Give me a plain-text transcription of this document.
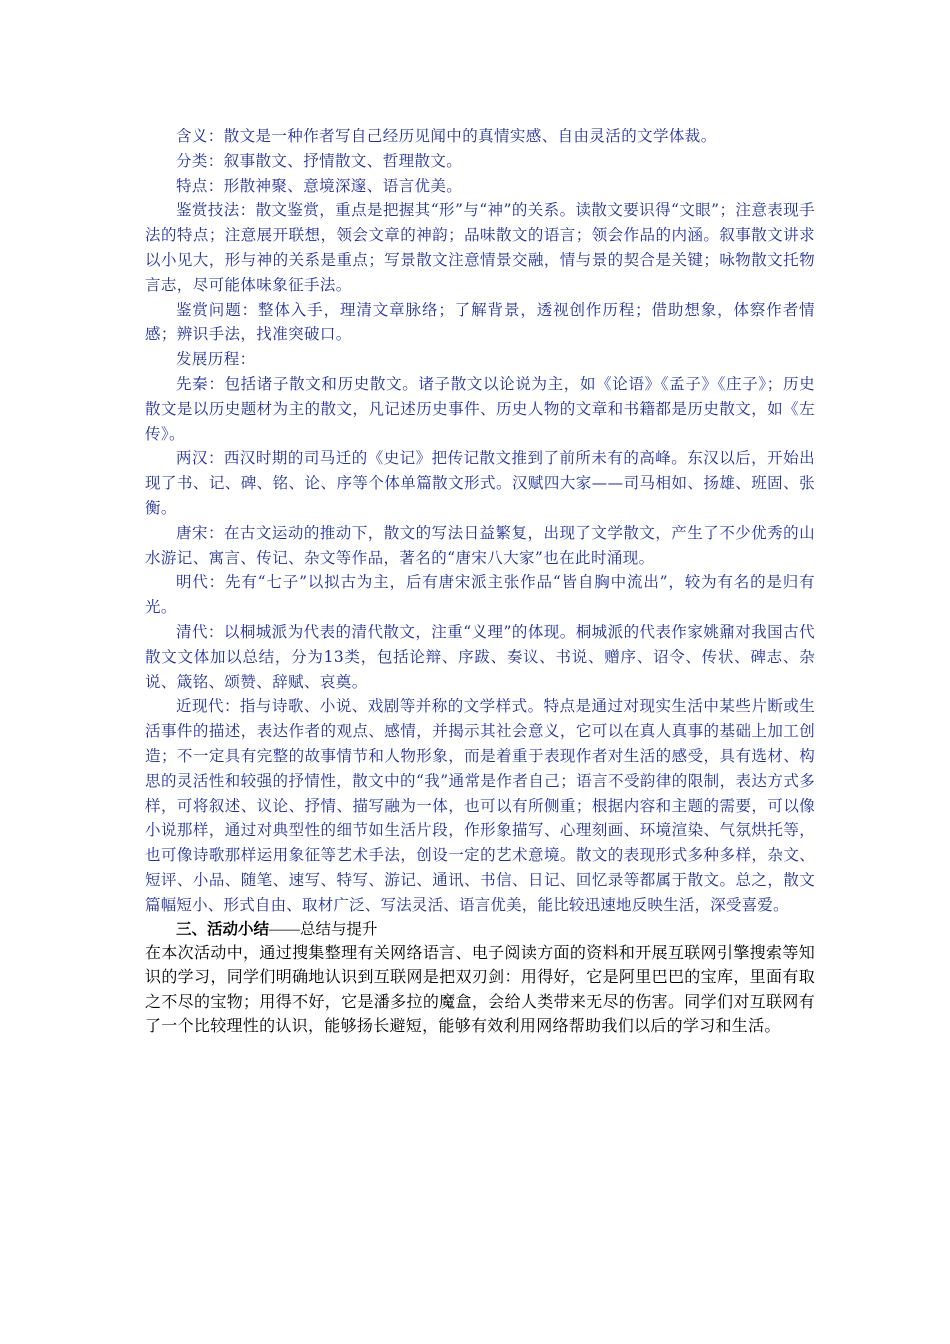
含义：散文是一种作者写自己经历见闻中的真情实感、自由灵活的文学体裁。

分类：叙事散文、抒情散文、哲理散文。

特点：形散神聚、意境深邃、语言优美。

鉴赏技法：散文鉴赏，重点是把握其“形”与“神”的关系。读散文要识得“文眼”；注意表现手法的特点；注意展开联想，领会文章的神韵；品味散文的语言；领会作品的内涵。叙事散文讲求以小见大，形与神的关系是重点；写景散文注意情景交融，情与景的契合是关键；咏物散文托物言志，尽可能体味象征手法。

鉴赏问题：整体入手，理清文章脉络；了解背景，透视创作历程；借助想象，体察作者情感；辨识手法，找准突破口。

发展历程：

先秦：包括诸子散文和历史散文。诸子散文以论说为主，如《论语》《孟子》《庄子》；历史散文是以历史题材为主的散文，凡记述历史事件、历史人物的文章和书籍都是历史散文，如《左传》。

两汉：西汉时期的司马迁的《史记》把传记散文推到了前所未有的高峰。东汉以后，开始出现了书、记、碑、铭、论、序等个体单篇散文形式。汉赋四大家——司马相如、扬雄、班固、张衡。

唐宋：在古文运动的推动下，散文的写法日益繁复，出现了文学散文，产生了不少优秀的山水游记、寓言、传记、杂文等作品，著名的“唐宋八大家”也在此时涌现。

明代：先有“七子”以拟古为主，后有唐宋派主张作品“皆自胸中流出”，较为有名的是归有光。

清代：以桐城派为代表的清代散文，注重“义理”的体现。桐城派的代表作家姚鼐对我国古代散文文体加以总结，分为13类，包括论辩、序跋、奏议、书说、赠序、诏令、传状、碑志、杂说、箴铭、颂赞、辞赋、哀奠。

近现代：指与诗歌、小说、戏剧等并称的文学样式。特点是通过对现实生活中某些片断或生活事件的描述，表达作者的观点、感情，并揭示其社会意义，它可以在真人真事的基础上加工创造；不一定具有完整的故事情节和人物形象，而是着重于表现作者对生活的感受，具有选材、构思的灵活性和较强的抒情性，散文中的“我”通常是作者自己；语言不受韵律的限制，表达方式多样，可将叙述、议论、抒情、描写融为一体，也可以有所侧重；根据内容和主题的需要，可以像小说那样，通过对典型性的细节如生活片段，作形象描写、心理刻画、环境渲染、气氛烘托等，也可像诗歌那样运用象征等艺术手法，创设一定的艺术意境。散文的表现形式多种多样，杂文、短评、小品、随笔、速写、特写、游记、通讯、书信、日记、回忆录等都属于散文。总之，散文篇幅短小、形式自由、取材广泛、写法灵活、语言优美，能比较迅速地反映生活，深受喜爱。

三、活动小结——总结与提升

在本次活动中，通过搜集整理有关网络语言、电子阅读方面的资料和开展互联网引擎搜索等知识的学习，同学们明确地认识到互联网是把双刃剑：用得好，它是阿里巴巴的宝库，里面有取之不尽的宝物；用得不好，它是潘多拉的魔盒，会给人类带来无尽的伤害。同学们对互联网有了一个比较理性的认识，能够扬长避短，能够有效利用网络帮助我们以后的学习和生活。
